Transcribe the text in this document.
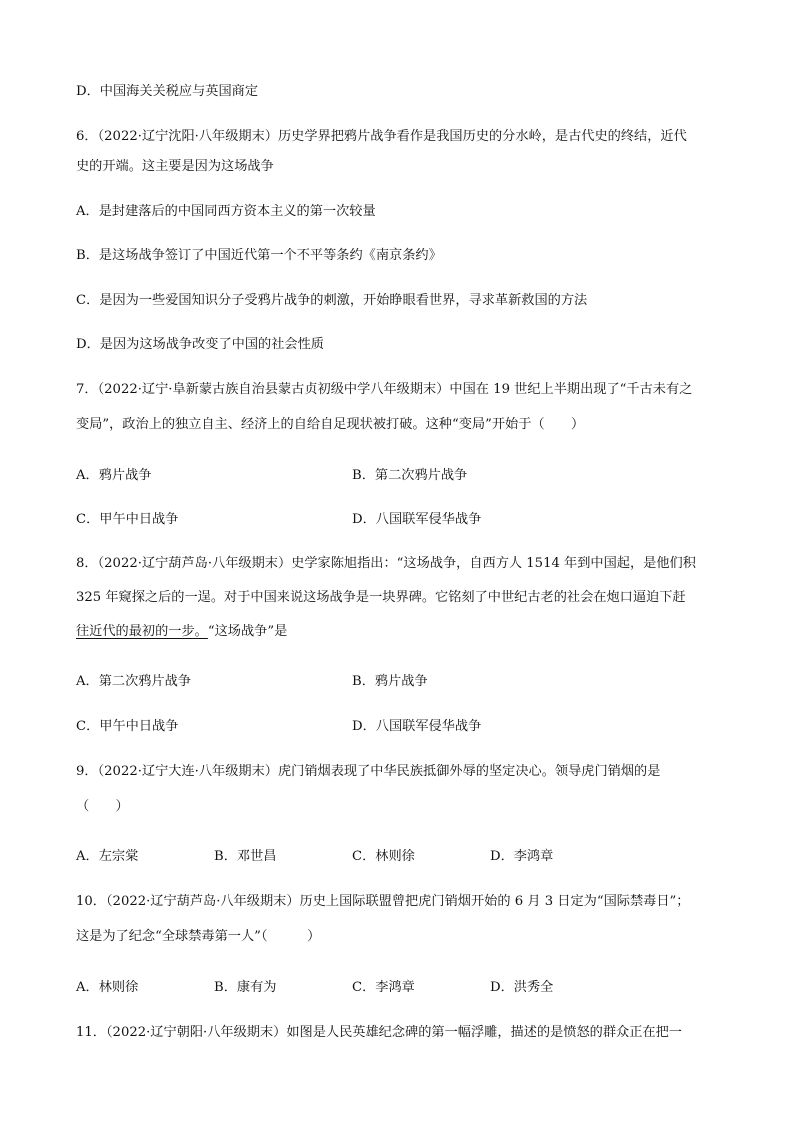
D．中国海关关税应与英国商定
6．（2022·辽宁沈阳·八年级期末）历史学界把鸦片战争看作是我国历史的分水岭，是古代史的终结，近代
史的开端。这主要是因为这场战争
A．是封建落后的中国同西方资本主义的第一次较量
B．是这场战争签订了中国近代第一个不平等条约《南京条约》
C．是因为一些爱国知识分子受鸦片战争的刺激，开始睁眼看世界，寻求革新救国的方法
D．是因为这场战争改变了中国的社会性质
7．（2022·辽宁·阜新蒙古族自治县蒙古贞初级中学八年级期末）中国在 19 世纪上半期出现了“千古未有之
变局”，政治上的独立自主、经济上的自给自足现状被打破。这种“变局”开始于（　　）
A．鸦片战争	B．第二次鸦片战争
C．甲午中日战争	D．八国联军侵华战争
8．（2022·辽宁葫芦岛·八年级期末）史学家陈旭指出：“这场战争，自西方人 1514 年到中国起，是他们积
325 年窥探之后的一逞。对于中国来说这场战争是一块界碑。它铭刻了中世纪古老的社会在炮口逼迫下赶
往近代的最初的一步。“这场战争”是
A．第二次鸦片战争	B．鸦片战争
C．甲午中日战争	D．八国联军侵华战争
9．（2022·辽宁大连·八年级期末）虎门销烟表现了中华民族抵御外辱的坚定决心。领导虎门销烟的是
（　　）
A．左宗棠	B．邓世昌	C．林则徐	D．李鸿章
10．（2022·辽宁葫芦岛·八年级期末）历史上国际联盟曾把虎门销烟开始的 6 月 3 日定为“国际禁毒日”；
这是为了纪念“全球禁毒第一人”（　　　）
A．林则徐	B．康有为	C．李鸿章	D．洪秀全
11．（2022·辽宁朝阳·八年级期末）如图是人民英雄纪念碑的第一幅浮雕，描述的是愤怒的群众正在把一
